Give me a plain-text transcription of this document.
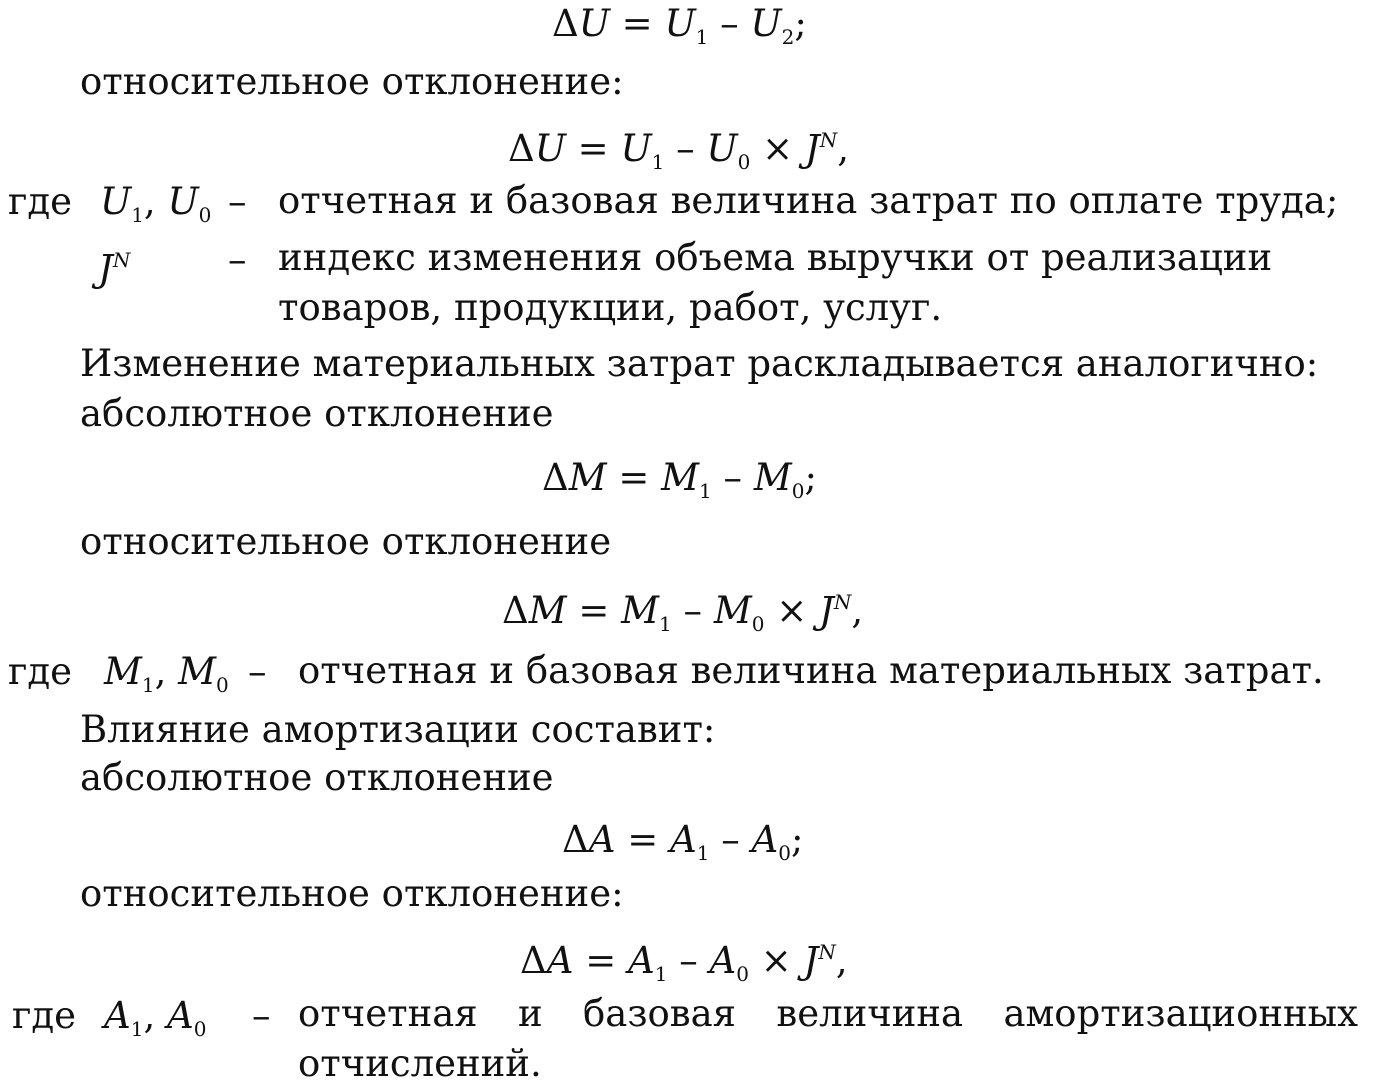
$\Delta U = U_1 - U_2$;
относительное отклонение:
$\Delta U = U_1 - U_0 \times J^N$,
где $U_1$, $U_0$ – отчетная и базовая величина затрат по оплате труда;
$J^N$	– индекс изменения объема выручки от реализации товаров, продукции, работ, услуг.
Изменение материальных затрат раскладывается аналогично:
абсолютное отклонение
$\Delta M = M_1 - M_0$;
относительное отклонение
$\Delta M = M_1 - M_0 \times J^N$,
где $M_1$, $M_0$ – отчетная и базовая величина материальных затрат.
Влияние амортизации составит:
абсолютное отклонение
$\Delta A = A_1 - A_0$;
относительное отклонение:
$\Delta A = A_1 - A_0 \times J^N$,
где $A_1$, $A_0$ – отчетная и базовая величина амортизационных отчислений.
